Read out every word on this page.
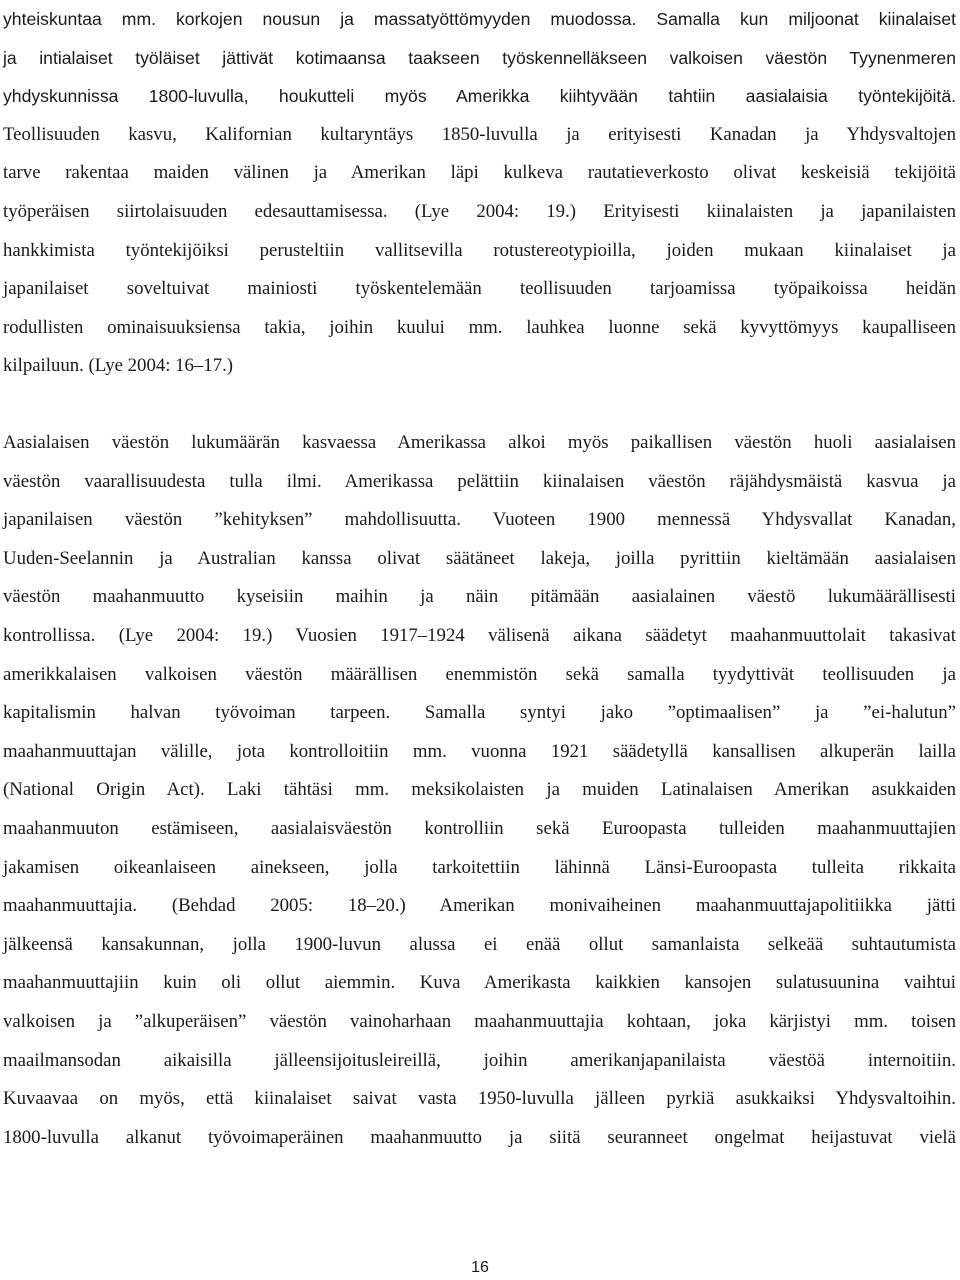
yhteiskuntaa mm. korkojen nousun ja massatyöttömyyden muodossa. Samalla kun miljoonat kiinalaiset
ja intialaiset työläiset jättivät kotimaansa taakseen työskennelläkseen valkoisen väestön Tyynenmeren
yhdyskunnissa 1800-luvulla, houkutteli myös Amerikka kiihtyvään tahtiin aasialaisia työntekijöitä.
Teollisuuden kasvu, Kalifornian kultaryntäys 1850-luvulla ja erityisesti Kanadan ja Yhdysvaltojen
tarve rakentaa maiden välinen ja Amerikan läpi kulkeva rautatieverkosto olivat keskeisiä tekijöitä
työperäisen siirtolaisuuden edesauttamisessa. (Lye 2004: 19.) Erityisesti kiinalaisten ja japanilaisten
hankkimista työntekijöiksi perusteltiin vallitsevilla rotustereotypioilla, joiden mukaan kiinalaiset ja
japanilaiset soveltuivat mainiosti työskentelemään teollisuuden tarjoamissa työpaikoissa heidän
rodullisten ominaisuuksiensa takia, joihin kuului mm. lauhkea luonne sekä kyvyttömyys kaupalliseen
kilpailuun. (Lye 2004: 16–17.)
Aasialaisen väestön lukumäärän kasvaessa Amerikassa alkoi myös paikallisen väestön huoli aasialaisen
väestön vaarallisuudesta tulla ilmi. Amerikassa pelättiin kiinalaisen väestön räjähdysmäistä kasvua ja
japanilaisen väestön ”kehityksen” mahdollisuutta. Vuoteen 1900 mennessä Yhdysvallat Kanadan,
Uuden-Seelannin ja Australian kanssa olivat säätäneet lakeja, joilla pyrittiin kieltämään aasialaisen
väestön maahanmuutto kyseisiin maihin ja näin pitämään aasialainen väestö lukumäärällisesti
kontrollissa. (Lye 2004: 19.) Vuosien 1917–1924 välisenä aikana säädetyt maahanmuuttolait takasivat
amerikkalaisen valkoisen väestön määrällisen enemmistön sekä samalla tyydyttivät teollisuuden ja
kapitalismin halvan työvoiman tarpeen. Samalla syntyi jako ”optimaalisen” ja ”ei-halutun”
maahanmuuttajan välille, jota kontrolloitiin mm. vuonna 1921 säädetyllä kansallisen alkuperän lailla
(National Origin Act). Laki tähtäsi mm. meksikolaisten ja muiden Latinalaisen Amerikan asukkaiden
maahanmuuton estämiseen, aasialaisväestön kontrolliin sekä Euroopasta tulleiden maahanmuuttajien
jakamisen oikeanlaiseen ainekseen, jolla tarkoitettiin lähinnä Länsi-Euroopasta tulleita rikkaita
maahanmuuttajia. (Behdad 2005: 18–20.) Amerikan monivaiheinen maahanmuuttajapolitiikka jätti
jälkeensä kansakunnan, jolla 1900-luvun alussa ei enää ollut samanlaista selkeää suhtautumista
maahanmuuttajiin kuin oli ollut aiemmin. Kuva Amerikasta kaikkien kansojen sulatusuunina vaihtui
valkoisen ja ”alkuperäisen” väestön vainoharhaan maahanmuuttajia kohtaan, joka kärjistyi mm. toisen
maailmansodan aikaisilla jälleensijoitusleireillä, joihin amerikanjapanilaista väestöä internoitiin.
Kuvaavaa on myös, että kiinalaiset saivat vasta 1950-luvulla jälleen pyrkiä asukkaiksi Yhdysvaltoihin.
1800-luvulla alkanut työvoimaperäinen maahanmuutto ja siitä seuranneet ongelmat heijastuvat vielä
16
